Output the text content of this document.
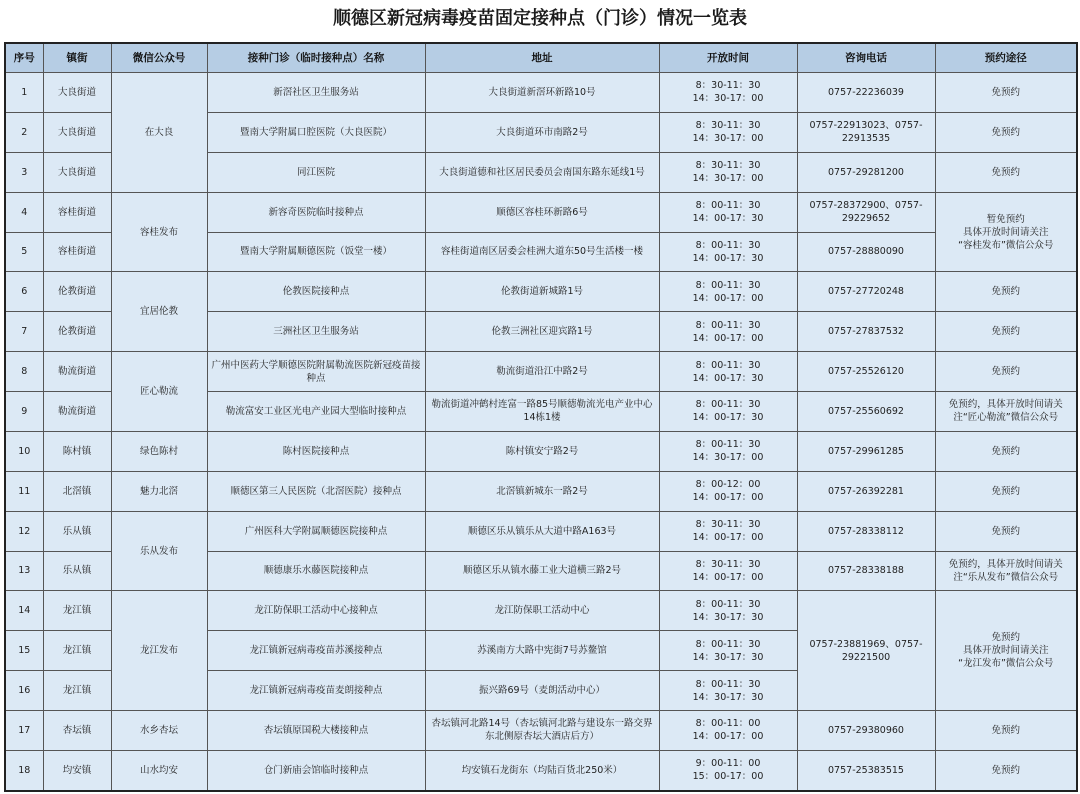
顺德区新冠病毒疫苗固定接种点（门诊）情况一览表
序号	镇街	微信公众号	接种门诊（临时接种点）名称	地址	开放时间	咨询电话	预约途径
1	大良街道	在大良	新滘社区卫生服务站	大良街道新滘环新路10号	8：30-11：30
14：30-17：00	0757-22236039	免预约
2	大良街道		暨南大学附属口腔医院（大良医院）	大良街道环市南路2号	8：30-11：30
14：30-17：00	0757-22913023、0757-22913535	免预约
3	大良街道		同江医院	大良街道德和社区居民委员会南国东路东延线1号	8：30-11：30
14：30-17：00	0757-29281200	免预约
4	容桂街道	容桂发布	新容奇医院临时接种点	顺德区容桂环新路6号	8：00-11：30
14：00-17：30	0757-28372900、0757-29229652	暂免预约
具体开放时间请关注
“容桂发布”微信公众号
5	容桂街道		暨南大学附属顺德医院（饭堂一楼）	容桂街道南区居委会桂洲大道东50号生活楼一楼	8：00-11：30
14：00-17：30	0757-28880090	
6	伦教街道	宜居伦教	伦教医院接种点	伦教街道新城路1号	8：00-11：30
14：00-17：00	0757-27720248	免预约
7	伦教街道		三洲社区卫生服务站	伦教三洲社区迎宾路1号	8：00-11：30
14：00-17：00	0757-27837532	免预约
8	勒流街道	匠心勒流	广州中医药大学顺德医院附属勒流医院新冠疫苗接种点	勒流街道沿江中路2号	8：00-11：30
14：00-17：30	0757-25526120	免预约
9	勒流街道		勒流富安工业区光电产业园大型临时接种点	勒流街道冲鹤村连富一路85号顺德勒流光电产业中心14栋1楼	8：00-11：30
14：00-17：30	0757-25560692	免预约，具体开放时间请关注“匠心勒流”微信公众号
10	陈村镇	绿色陈村	陈村医院接种点	陈村镇安宁路2号	8：00-11：30
14：30-17：00	0757-29961285	免预约
11	北滘镇	魅力北滘	顺德区第三人民医院（北滘医院）接种点	北滘镇新城东一路2号	8：00-12：00
14：00-17：00	0757-26392281	免预约
12	乐从镇	乐从发布	广州医科大学附属顺德医院接种点	顺德区乐从镇乐从大道中路A163号	8：30-11：30
14：00-17：00	0757-28338112	免预约
13	乐从镇		顺德康乐水藤医院接种点	顺德区乐从镇水藤工业大道横三路2号	8：30-11：30
14：00-17：00	0757-28338188	免预约，具体开放时间请关注“乐从发布”微信公众号
14	龙江镇	龙江发布	龙江防保职工活动中心接种点	龙江防保职工活动中心	8：00-11：30
14：30-17：30	0757-23881969、0757-29221500	免预约
具体开放时间请关注
“龙江发布”微信公众号
15	龙江镇		龙江镇新冠病毒疫苗苏溪接种点	苏溪南方大路中宪街7号苏鳌馆	8：00-11：30
14：30-17：30		
16	龙江镇		龙江镇新冠病毒疫苗麦朗接种点	振兴路69号（麦朗活动中心）	8：00-11：30
14：30-17：30		
17	杏坛镇	水乡杏坛	杏坛镇原国税大楼接种点	杏坛镇河北路14号（杏坛镇河北路与建设东一路交界东北侧原杏坛大酒店后方）	8：00-11：00
14：00-17：00	0757-29380960	免预约
18	均安镇	山水均安	仓门新庙会馆临时接种点	均安镇石龙街东（均陆百货北250米）	9：00-11：00
15：00-17：00	0757-25383515	免预约
